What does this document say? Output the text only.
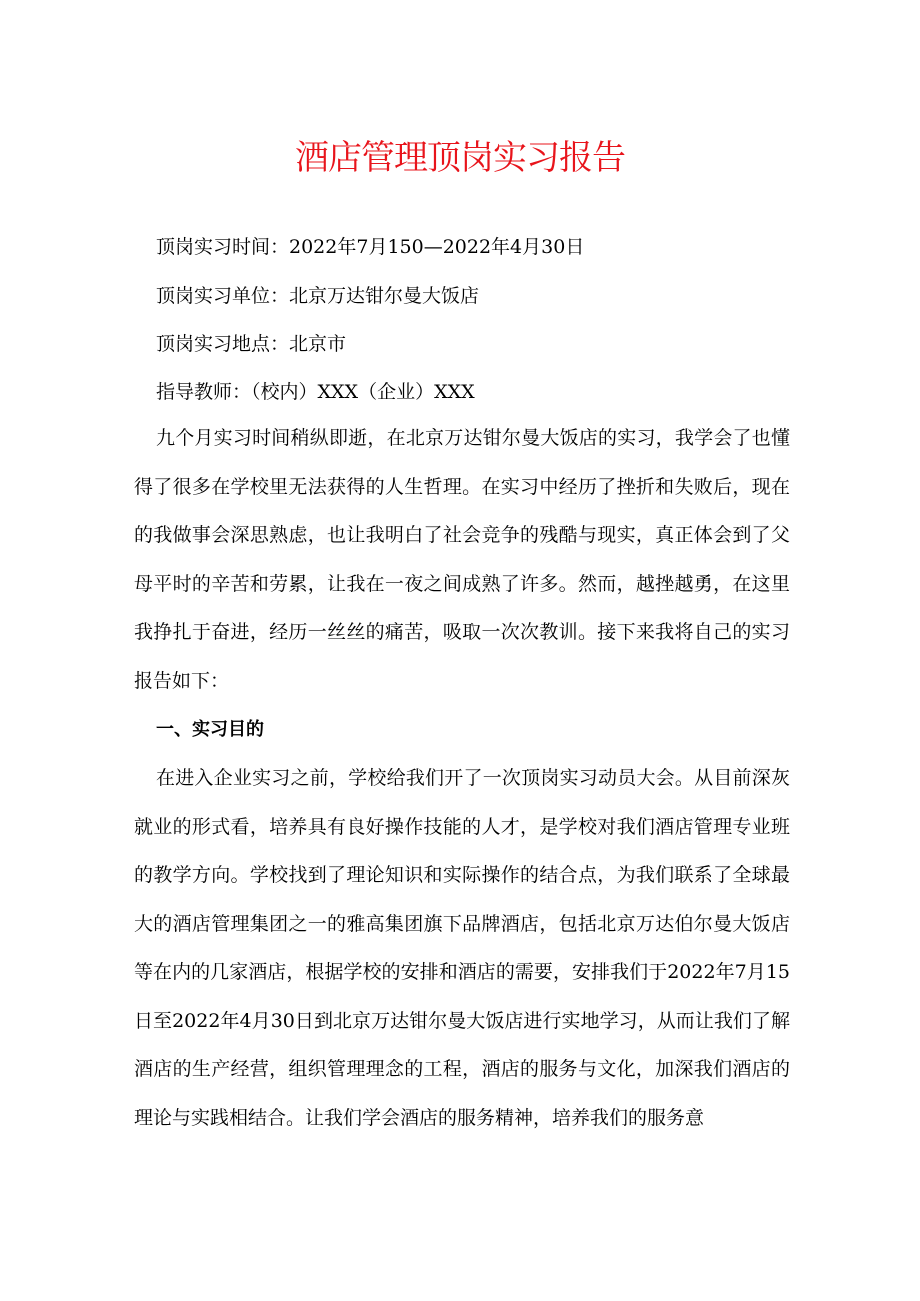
酒店管理顶岗实习报告
顶岗实习时间：2022年7月150—2022年4月30日
顶岗实习单位：北京万达钳尔曼大饭店
顶岗实习地点：北京市
指导教师：（校内）XXX（企业）XXX

九个月实习时间稍纵即逝，在北京万达钳尔曼大饭店的实习，我学会了也懂得了很多在学校里无法获得的人生哲理。在实习中经历了挫折和失败后，现在的我做事会深思熟虑，也让我明白了社会竞争的残酷与现实，真正体会到了父母平时的辛苦和劳累，让我在一夜之间成熟了许多。然而，越挫越勇，在这里我挣扎于奋进，经历一丝丝的痛苦，吸取一次次教训。接下来我将自己的实习报告如下：

一、实习目的

在进入企业实习之前，学校给我们开了一次顶岗实习动员大会。从目前深灰就业的形式看，培养具有良好操作技能的人才，是学校对我们酒店管理专业班的教学方向。学校找到了理论知识和实际操作的结合点，为我们联系了全球最大的酒店管理集团之一的雅高集团旗下品牌酒店，包括北京万达伯尔曼大饭店等在内的几家酒店，根据学校的安排和酒店的需要，安排我们于2022年7月15日至2022年4月30日到北京万达钳尔曼大饭店进行实地学习，从而让我们了解酒店的生产经营，组织管理理念的工程，酒店的服务与文化，加深我们酒店的理论与实践相结合。让我们学会酒店的服务精神，培养我们的服务意
